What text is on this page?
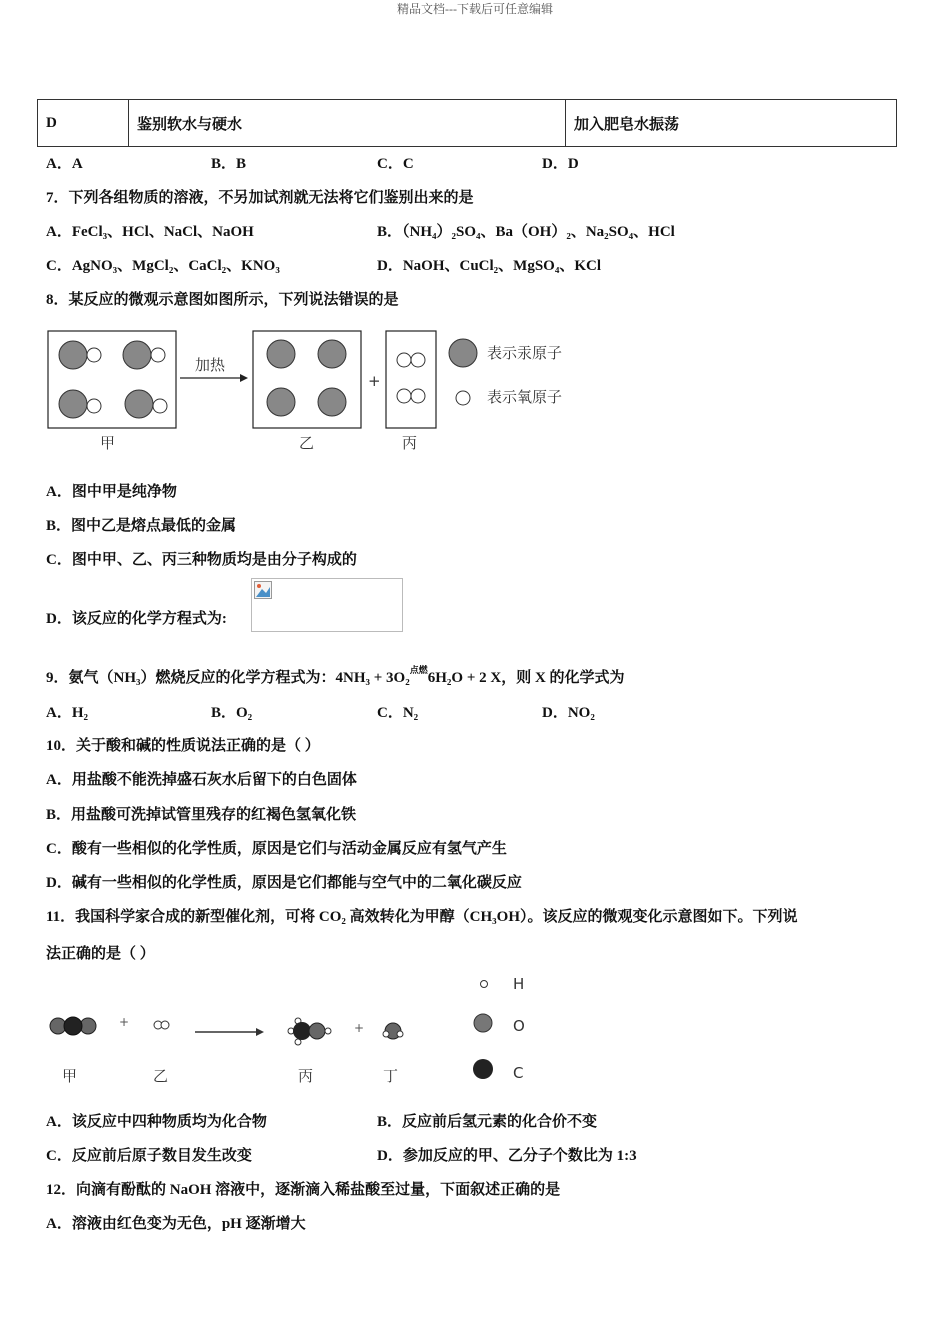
精品文档---下载后可任意编辑
D	鉴别软水与硬水	加入肥皂水振荡
A．A	B．B	C．C	D．D
7．下列各组物质的溶液，不另加试剂就无法将它们鉴别出来的是
A．FeCl₃、HCl、NaCl、NaOH	B．（NH₄）₂SO₄、Ba（OH）₂、Na₂SO₄、HCl
C．AgNO₃、MgCl₂、CaCl₂、KNO₃	D．NaOH、CuCl₂、MgSO₄、KCl
8．某反应的微观示意图如图所示，下列说法错误的是
加热
甲	乙	丙
+
表示汞原子
表示氧原子
A．图中甲是纯净物
B．图中乙是熔点最低的金属
C．图中甲、乙、丙三种物质均是由分子构成的
D．该反应的化学方程式为:
9．氨气（NH₃）燃烧反应的化学方程式为：4NH₃ + 3O₂$^{点燃}$6H₂O + 2 X，则 X 的化学式为
A．H₂	B．O₂	C．N₂	D．NO₂
10．关于酸和碱的性质说法正确的是（ ）
A．用盐酸不能洗掉盛石灰水后留下的白色固体
B．用盐酸可洗掉试管里残存的红褐色氢氧化铁
C．酸有一些相似的化学性质，原因是它们与活动金属反应有氢气产生
D．碱有一些相似的化学性质，原因是它们都能与空气中的二氧化碳反应
11．我国科学家合成的新型催化剂，可将 CO₂ 高效转化为甲醇（CH₃OH）。该反应的微观变化示意图如下。下列说
法正确的是（ ）
+	+
甲	乙	丙	丁
H
O
C
A．该反应中四种物质均为化合物	B．反应前后氢元素的化合价不变
C．反应前后原子数目发生改变	D．参加反应的甲、乙分子个数比为 1:3
12．向滴有酚酞的 NaOH 溶液中，逐渐滴入稀盐酸至过量，下面叙述正确的是
A．溶液由红色变为无色，pH 逐渐增大
